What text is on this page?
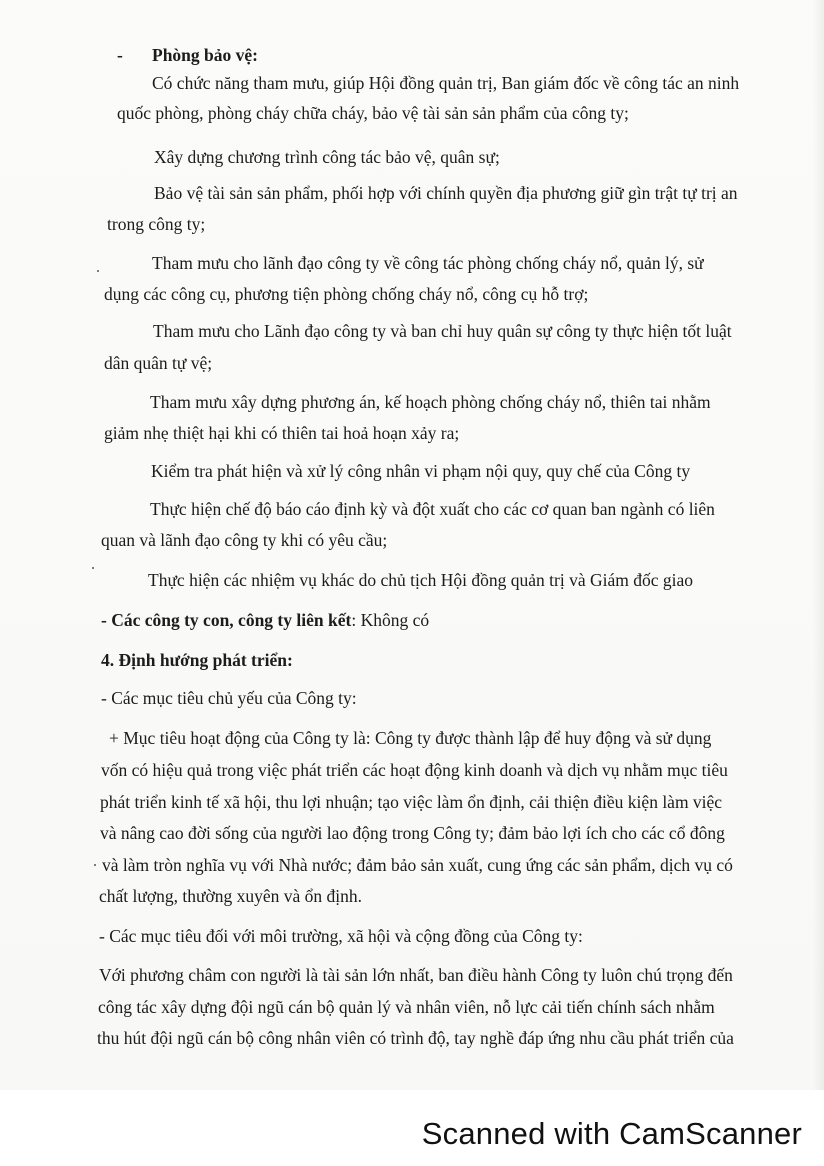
- Phòng bảo vệ:
Có chức năng tham mưu, giúp Hội đồng quản trị, Ban giám đốc về công tác an ninh
quốc phòng, phòng cháy chữa cháy, bảo vệ tài sản sản phẩm của công ty;
Xây dựng chương trình công tác bảo vệ, quân sự;
Bảo vệ tài sản sản phẩm, phối hợp với chính quyền địa phương giữ gìn trật tự trị an
trong công ty;
Tham mưu cho lãnh đạo công ty về công tác phòng chống cháy nổ, quản lý, sử
dụng các công cụ, phương tiện phòng chống cháy nổ, công cụ hỗ trợ;
Tham mưu cho Lãnh đạo công ty và ban chỉ huy quân sự công ty thực hiện tốt luật
dân quân tự vệ;
Tham mưu xây dựng phương án, kế hoạch phòng chống cháy nổ, thiên tai nhằm
giảm nhẹ thiệt hại khi có thiên tai hoả hoạn xảy ra;
Kiểm tra phát hiện và xử lý công nhân vi phạm nội quy, quy chế của Công ty
Thực hiện chế độ báo cáo định kỳ và đột xuất cho các cơ quan ban ngành có liên
quan và lãnh đạo công ty khi có yêu cầu;
Thực hiện các nhiệm vụ khác do chủ tịch Hội đồng quản trị và Giám đốc giao
- Các công ty con, công ty liên kết: Không có
4. Định hướng phát triển:
- Các mục tiêu chủ yếu của Công ty:
+ Mục tiêu hoạt động của Công ty là: Công ty được thành lập để huy động và sử dụng
vốn có hiệu quả trong việc phát triển các hoạt động kinh doanh và dịch vụ nhằm mục tiêu
phát triển kinh tế xã hội, thu lợi nhuận; tạo việc làm ổn định, cải thiện điều kiện làm việc
và nâng cao đời sống của người lao động trong Công ty; đảm bảo lợi ích cho các cổ đông
và làm tròn nghĩa vụ với Nhà nước; đảm bảo sản xuất, cung ứng các sản phẩm, dịch vụ có
chất lượng, thường xuyên và ổn định.
- Các mục tiêu đối với môi trường, xã hội và cộng đồng của Công ty:
Với phương châm con người là tài sản lớn nhất, ban điều hành Công ty luôn chú trọng đến
công tác xây dựng đội ngũ cán bộ quản lý và nhân viên, nỗ lực cải tiến chính sách nhằm
thu hút đội ngũ cán bộ công nhân viên có trình độ, tay nghề đáp ứng nhu cầu phát triển của
Scanned with CamScanner
